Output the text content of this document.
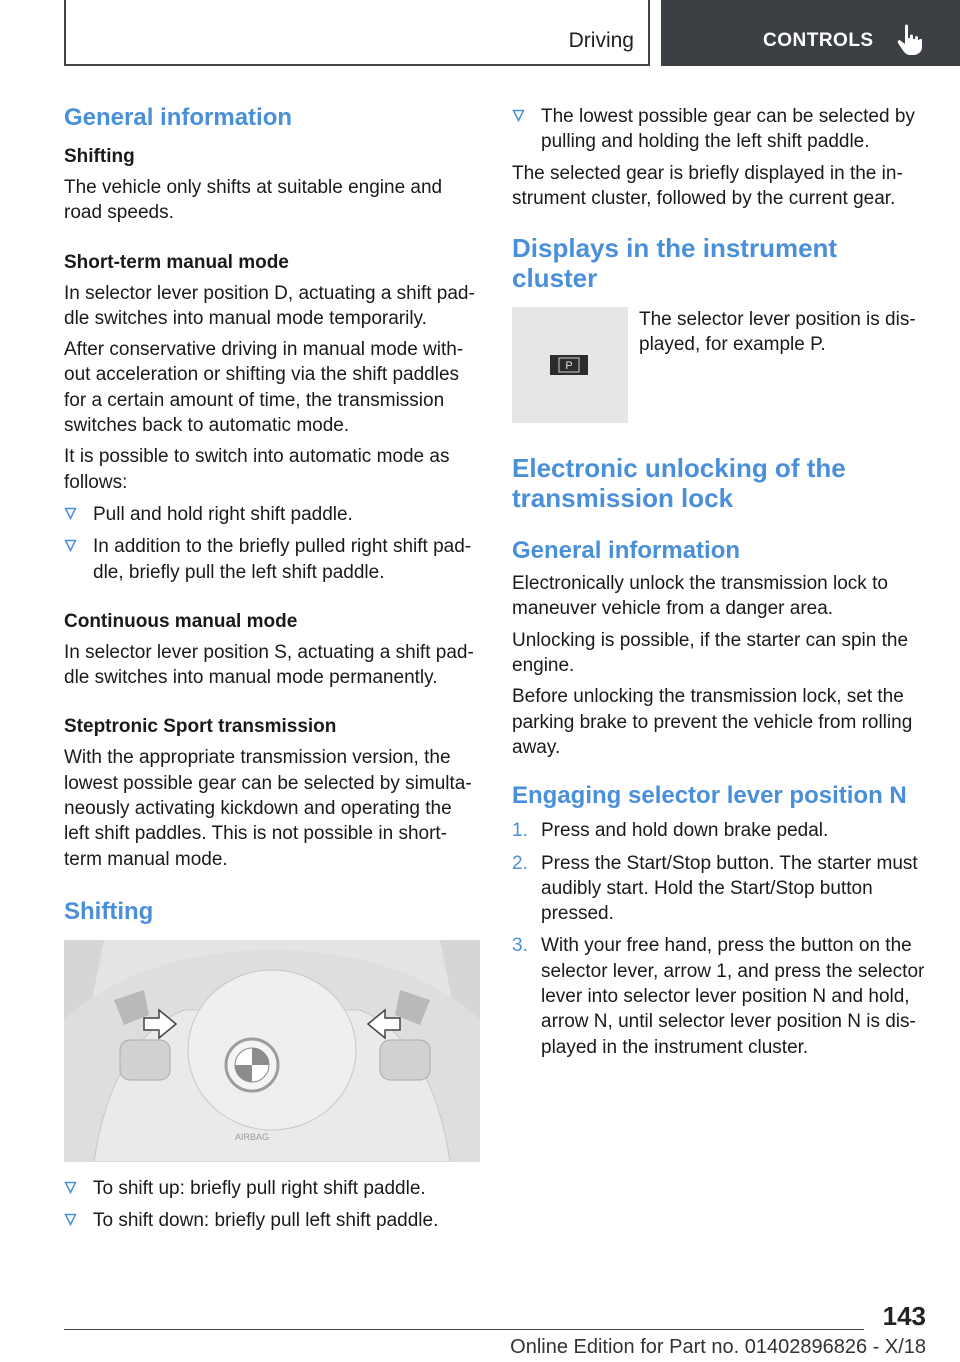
Driving	CONTROLS
General information
Shifting

The vehicle only shifts at suitable engine and road speeds.

Short-term manual mode

In selector lever position D, actuating a shift paddle switches into manual mode temporarily.

After conservative driving in manual mode without acceleration or shifting via the shift paddles for a certain amount of time, the transmission switches back to automatic mode.

It is possible to switch into automatic mode as follows:

Pull and hold right shift paddle.
In addition to the briefly pulled right shift paddle, briefly pull the left shift paddle.
Continuous manual mode

In selector lever position S, actuating a shift paddle switches into manual mode permanently.

Steptronic Sport transmission

With the appropriate transmission version, the lowest possible gear can be selected by simultaneously activating kickdown and operating the left shift paddles. This is not possible in short-term manual mode.

Shifting
AIRBAG
To shift up: briefly pull right shift paddle.
To shift down: briefly pull left shift paddle.
The lowest possible gear can be selected by pulling and holding the left shift paddle.

The selected gear is briefly displayed in the instrument cluster, followed by the current gear.

Displays in the instrument cluster
P

The selector lever position is displayed, for example P.

Electronic unlocking of the transmission lock
General information

Electronically unlock the transmission lock to maneuver vehicle from a danger area.

Unlocking is possible, if the starter can spin the engine.

Before unlocking the transmission lock, set the parking brake to prevent the vehicle from rolling away.

Engaging selector lever position N
1. Press and hold down brake pedal.
2. Press the Start/Stop button. The starter must audibly start. Hold the Start/Stop button pressed.
3. With your free hand, press the button on the selector lever, arrow 1, and press the selector lever into selector lever position N and hold, arrow N, until selector lever position N is displayed in the instrument cluster.
143
Online Edition for Part no. 01402896826 - X/18
